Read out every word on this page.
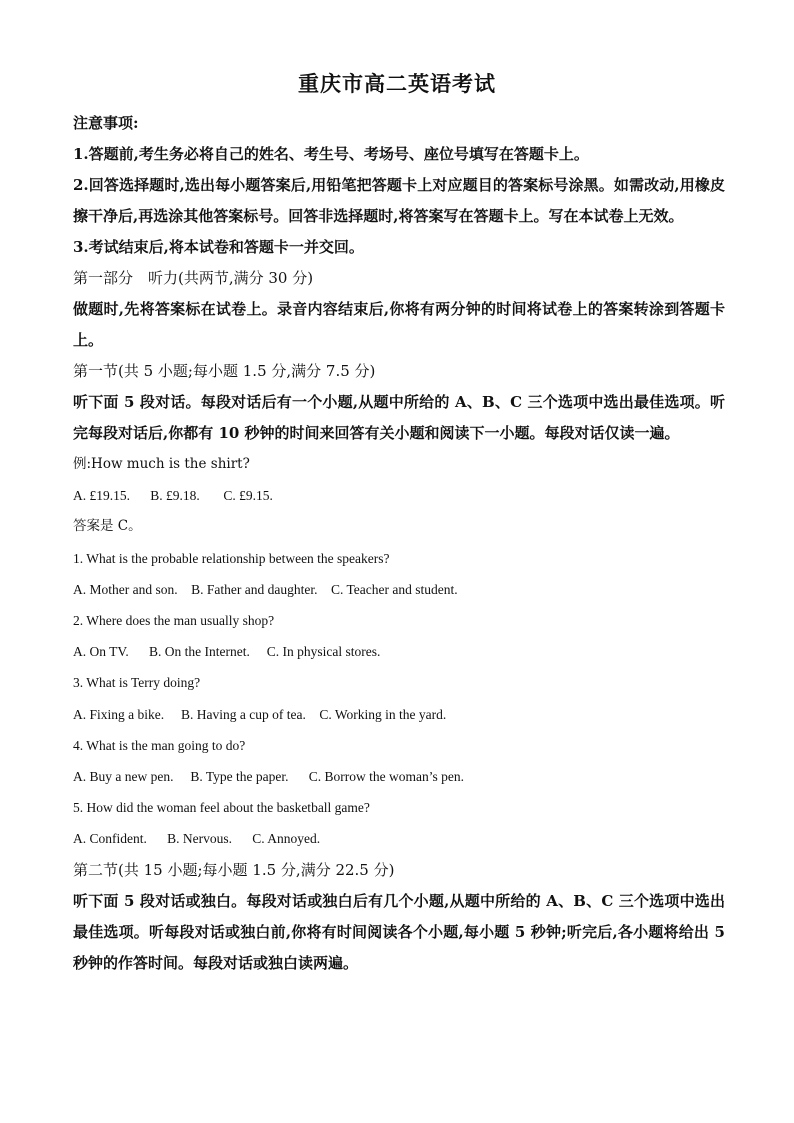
重庆市高二英语考试

注意事项:

1.答题前,考生务必将自己的姓名、考生号、考场号、座位号填写在答题卡上。

2.回答选择题时,选出每小题答案后,用铅笔把答题卡上对应题目的答案标号涂黑。如需改动,用橡皮擦干净后,再选涂其他答案标号。回答非选择题时,将答案写在答题卡上。写在本试卷上无效。

3.考试结束后,将本试卷和答题卡一并交回。

第一部分　听力(共两节,满分 30 分)

做题时,先将答案标在试卷上。录音内容结束后,你将有两分钟的时间将试卷上的答案转涂到答题卡上。

第一节(共 5 小题;每小题 1.5 分,满分 7.5 分)

听下面 5 段对话。每段对话后有一个小题,从题中所给的 A、B、C 三个选项中选出最佳选项。听完每段对话后,你都有 10 秒钟的时间来回答有关小题和阅读下一小题。每段对话仅读一遍。

例:How much is the shirt?

A. £19.15.      B. £9.18.       C. £9.15.

答案是 C。

1. What is the probable relationship between the speakers?

A. Mother and son.    B. Father and daughter.    C. Teacher and student.

2. Where does the man usually shop?

A. On TV.      B. On the Internet.     C. In physical stores.

3. What is Terry doing?

A. Fixing a bike.     B. Having a cup of tea.    C. Working in the yard.

4. What is the man going to do?

A. Buy a new pen.     B. Type the paper.      C. Borrow the woman’s pen.

5. How did the woman feel about the basketball game?

A. Confident.      B. Nervous.      C. Annoyed.

第二节(共 15 小题;每小题 1.5 分,满分 22.5 分)

听下面 5 段对话或独白。每段对话或独白后有几个小题,从题中所给的 A、B、C 三个选项中选出最佳选项。听每段对话或独白前,你将有时间阅读各个小题,每小题 5 秒钟;听完后,各小题将给出 5 秒钟的作答时间。每段对话或独白读两遍。
